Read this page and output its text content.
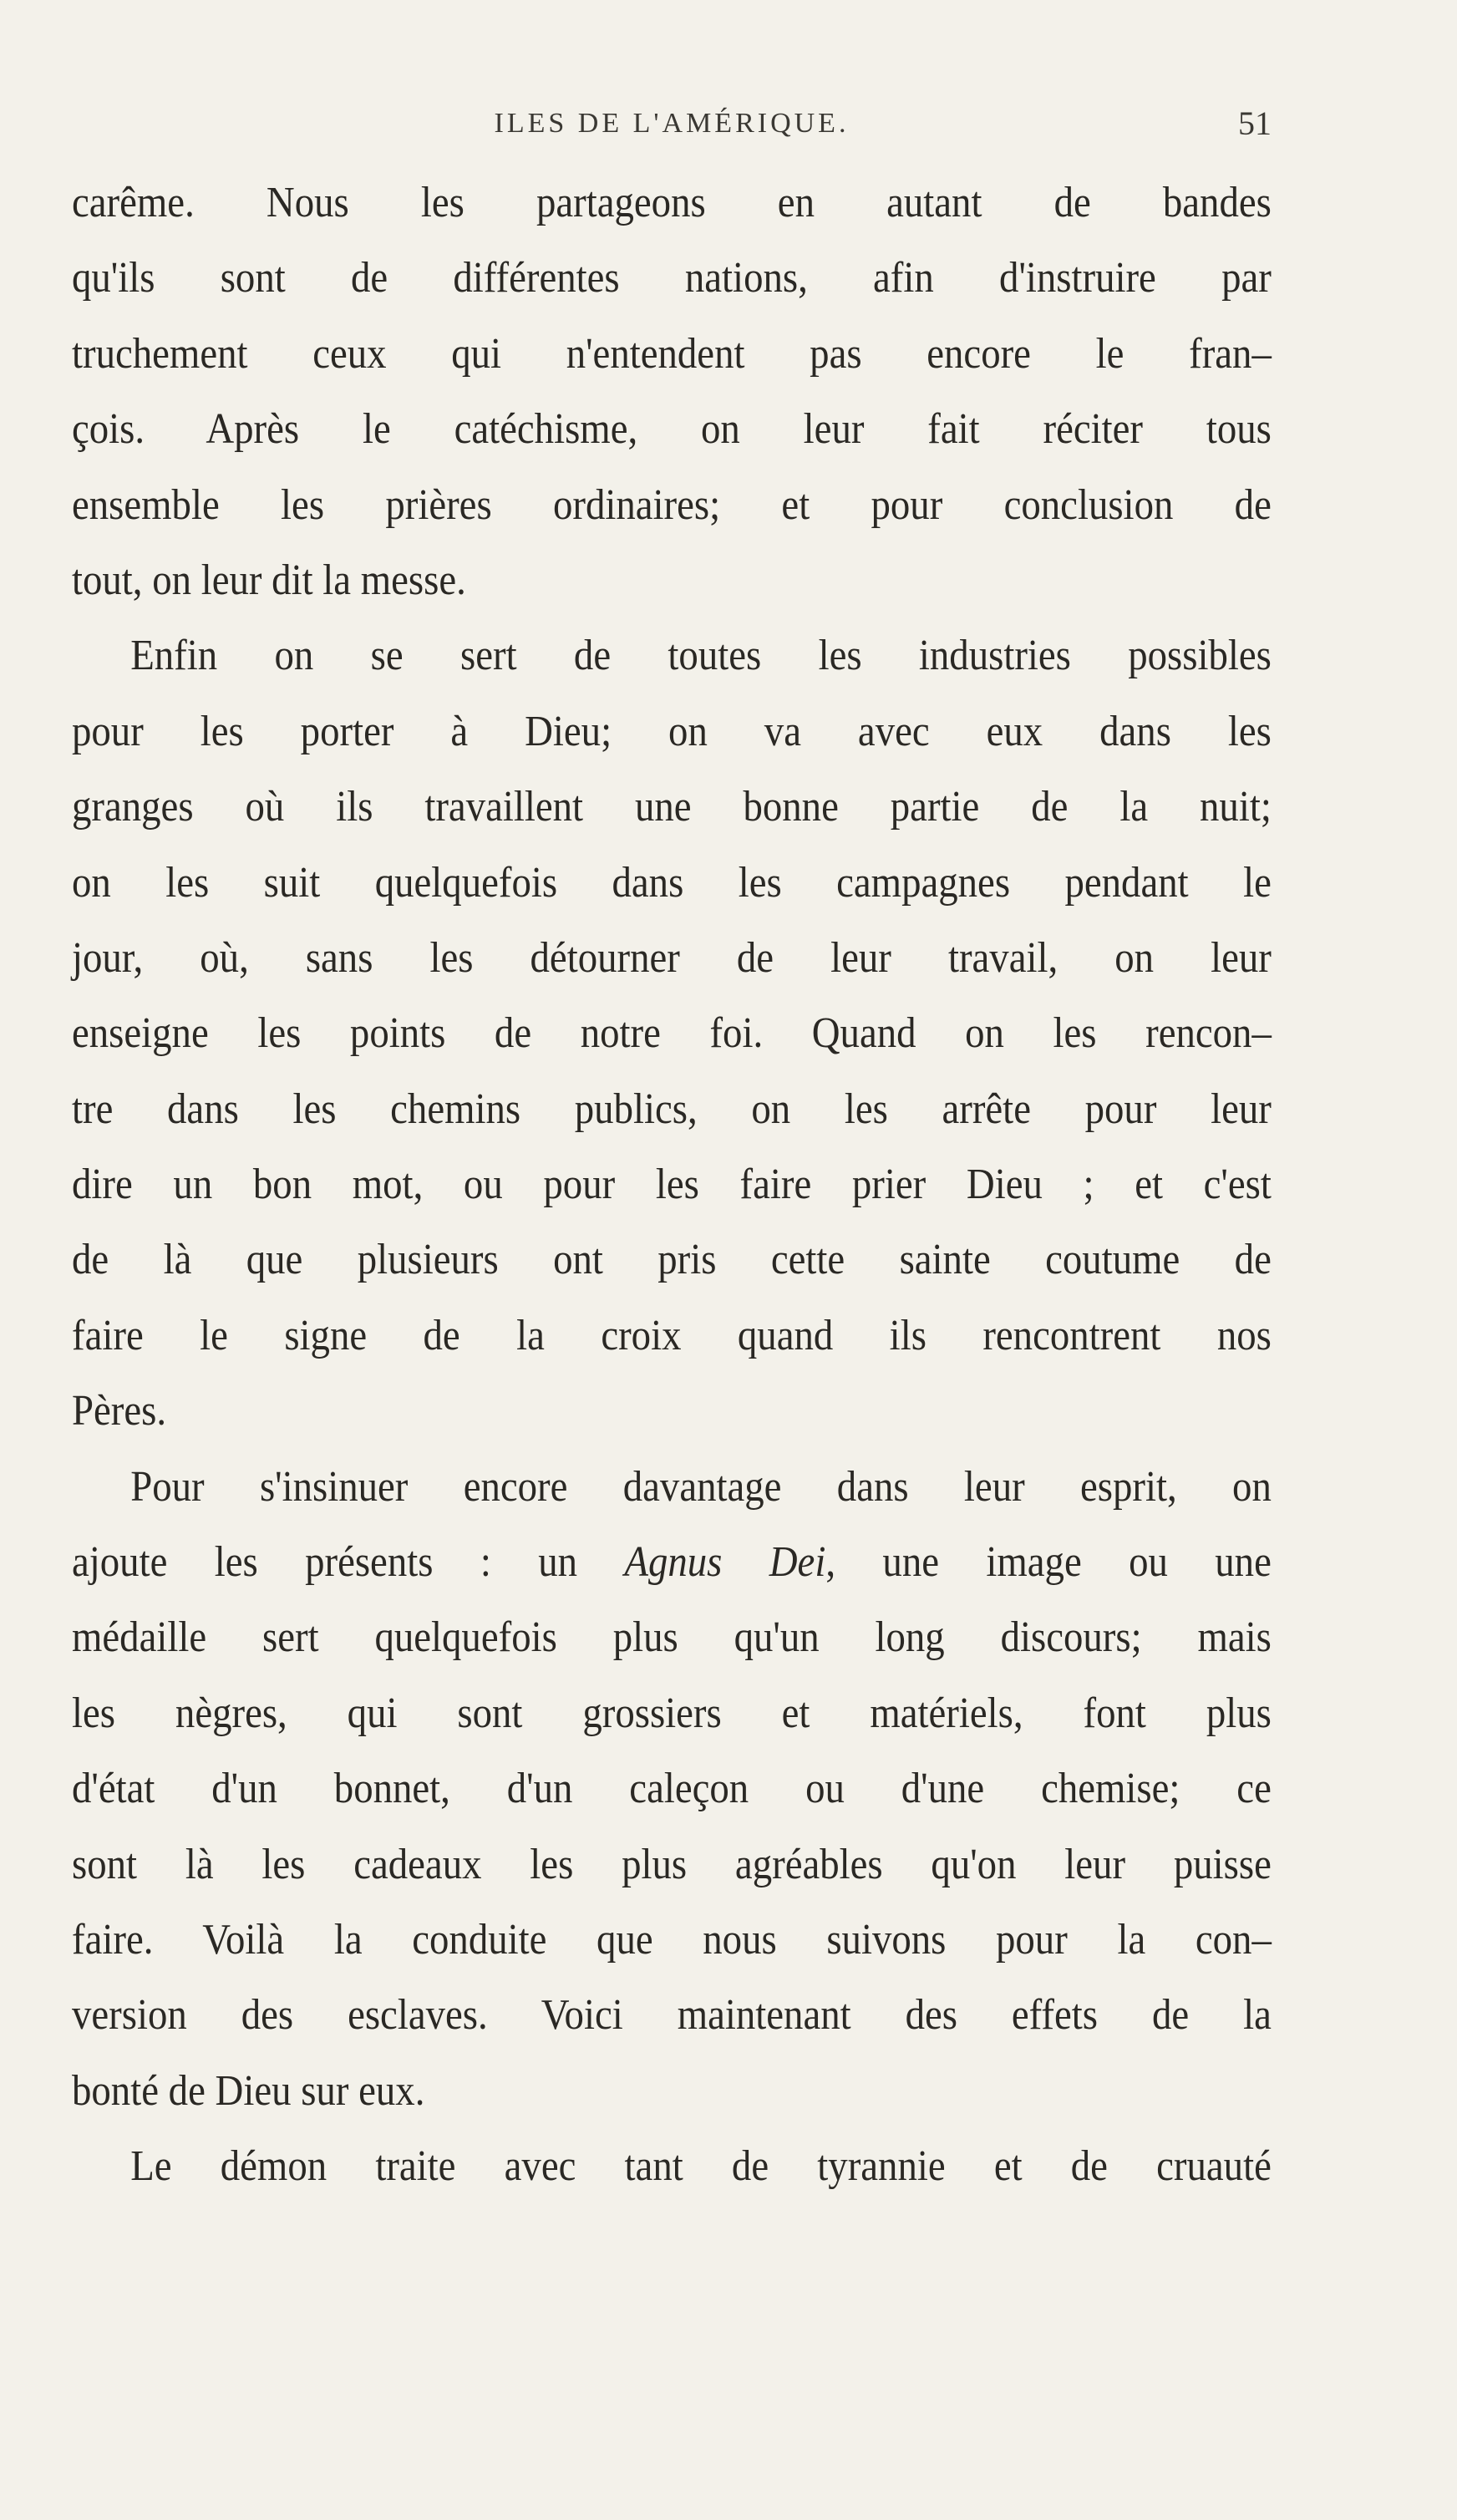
ILES DE L'AMÉRIQUE.	51
carême. Nous les partageons en autant de bandes
qu'ils sont de différentes nations, afin d'instruire par
truchement ceux qui n'entendent pas encore le fran–
çois. Après le catéchisme, on leur fait réciter tous
ensemble les prières ordinaires; et pour conclusion de
tout, on leur dit la messe.
Enfin on se sert de toutes les industries possibles
pour les porter à Dieu; on va avec eux dans les
granges où ils travaillent une bonne partie de la nuit;
on les suit quelquefois dans les campagnes pendant le
jour, où, sans les détourner de leur travail, on leur
enseigne les points de notre foi. Quand on les rencon–
tre dans les chemins publics, on les arrête pour leur
dire un bon mot, ou pour les faire prier Dieu ; et c'est
de là que plusieurs ont pris cette sainte coutume de
faire le signe de la croix quand ils rencontrent nos
Pères.
Pour s'insinuer encore davantage dans leur esprit, on
ajoute les présents : un Agnus Dei, une image ou une
médaille sert quelquefois plus qu'un long discours; mais
les nègres, qui sont grossiers et matériels, font plus
d'état d'un bonnet, d'un caleçon ou d'une chemise; ce
sont là les cadeaux les plus agréables qu'on leur puisse
faire. Voilà la conduite que nous suivons pour la con–
version des esclaves. Voici maintenant des effets de la
bonté de Dieu sur eux.
Le démon traite avec tant de tyrannie et de cruauté
